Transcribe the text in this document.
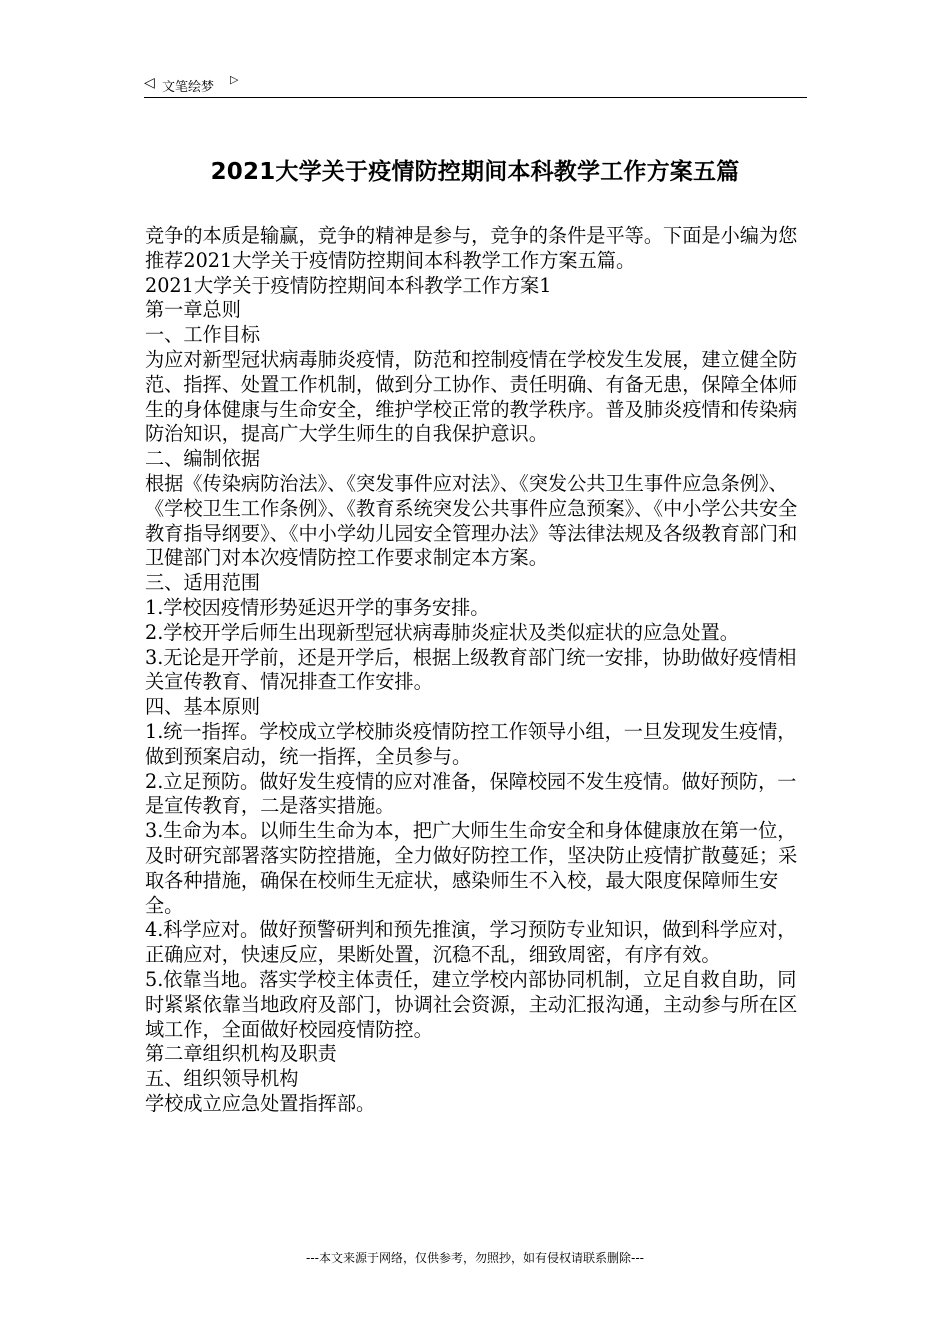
◁ 文笔绘梦
▷
2021大学关于疫情防控期间本科教学工作方案五篇

竞争的本质是输赢，竞争的精神是参与，竞争的条件是平等。下面是小编为您推荐2021大学关于疫情防控期间本科教学工作方案五篇。

2021大学关于疫情防控期间本科教学工作方案1

第一章总则

一、工作目标

为应对新型冠状病毒肺炎疫情，防范和控制疫情在学校发生发展，建立健全防范、指挥、处置工作机制，做到分工协作、责任明确、有备无患，保障全体师生的身体健康与生命安全，维护学校正常的教学秩序。普及肺炎疫情和传染病防治知识，提高广大学生师生的自我保护意识。

二、编制依据

根据《传染病防治法》、《突发事件应对法》、《突发公共卫生事件应急条例》、《学校卫生工作条例》、《教育系统突发公共事件应急预案》、《中小学公共安全教育指导纲要》、《中小学幼儿园安全管理办法》等法律法规及各级教育部门和卫健部门对本次疫情防控工作要求制定本方案。

三、适用范围

1.学校因疫情形势延迟开学的事务安排。

2.学校开学后师生出现新型冠状病毒肺炎症状及类似症状的应急处置。

3.无论是开学前，还是开学后，根据上级教育部门统一安排，协助做好疫情相关宣传教育、情况排查工作安排。

四、基本原则

1.统一指挥。学校成立学校肺炎疫情防控工作领导小组，一旦发现发生疫情，做到预案启动，统一指挥，全员参与。

2.立足预防。做好发生疫情的应对准备，保障校园不发生疫情。做好预防，一是宣传教育，二是落实措施。

3.生命为本。以师生生命为本，把广大师生生命安全和身体健康放在第一位，及时研究部署落实防控措施，全力做好防控工作，坚决防止疫情扩散蔓延；采取各种措施，确保在校师生无症状，感染师生不入校，最大限度保障师生安全。

4.科学应对。做好预警研判和预先推演，学习预防专业知识，做到科学应对，正确应对，快速反应，果断处置，沉稳不乱，细致周密，有序有效。

5.依靠当地。落实学校主体责任，建立学校内部协同机制，立足自救自助，同时紧紧依靠当地政府及部门，协调社会资源，主动汇报沟通，主动参与所在区域工作，全面做好校园疫情防控。

第二章组织机构及职责

五、组织领导机构

学校成立应急处置指挥部。

---本文来源于网络，仅供参考，勿照抄，如有侵权请联系删除---
